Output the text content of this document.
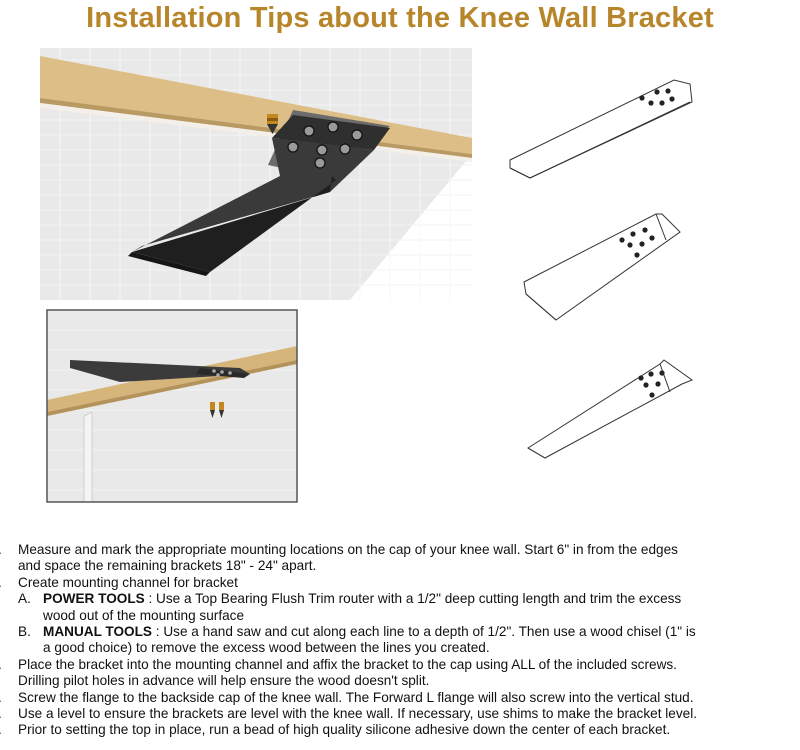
Installation Tips about the Knee Wall Bracket
Measure and mark the appropriate mounting locations on the cap of your knee wall. Start 6" in from the edges
and space the remaining brackets 18" - 24" apart.
Create mounting channel for bracket
A. POWER TOOLS : Use a Top Bearing Flush Trim router with a 1/2" deep cutting length and trim the excess
wood out of the mounting surface
B. MANUAL TOOLS : Use a hand saw and cut along each line to a depth of 1/2". Then use a wood chisel (1" is
a good choice) to remove the excess wood between the lines you created.
Place the bracket into the mounting channel and affix the bracket to the cap using ALL of the included screws.
Drilling pilot holes in advance will help ensure the wood doesn't split.
Screw the flange to the backside cap of the knee wall. The Forward L flange will also screw into the vertical stud.
Use a level to ensure the brackets are level with the knee wall. If necessary, use shims to make the bracket level.
Prior to setting the top in place, run a bead of high quality silicone adhesive down the center of each bracket.
